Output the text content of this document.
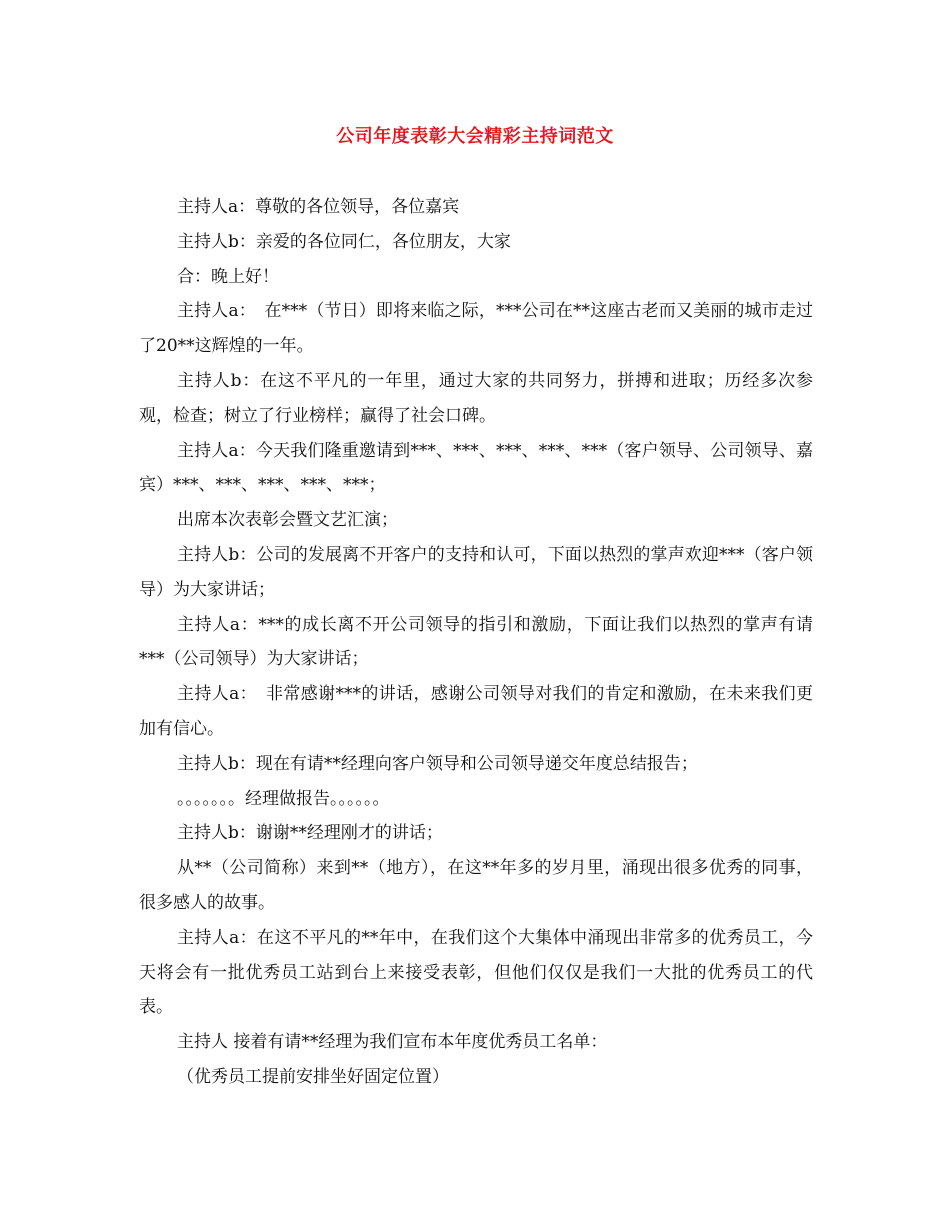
公司年度表彰大会精彩主持词范文

主持人a：尊敬的各位领导，各位嘉宾

主持人b：亲爱的各位同仁，各位朋友，大家

合：晚上好！

主持人a：　在***（节日）即将来临之际，***公司在**这座古老而又美丽的城市走过了20**这辉煌的一年。

主持人b：在这不平凡的一年里，通过大家的共同努力，拼搏和进取；历经多次参观，检查；树立了行业榜样；赢得了社会口碑。

主持人a：今天我们隆重邀请到***、***、***、***、***（客户领导、公司领导、嘉宾）***、***、***、***、***；

出席本次表彰会暨文艺汇演；

主持人b：公司的发展离不开客户的支持和认可，下面以热烈的掌声欢迎***（客户领导）为大家讲话；

主持人a：***的成长离不开公司领导的指引和激励，下面让我们以热烈的掌声有请***（公司领导）为大家讲话；

主持人a：　非常感谢***的讲话，感谢公司领导对我们的肯定和激励，在未来我们更加有信心。

主持人b：现在有请**经理向客户领导和公司领导递交年度总结报告；

。。。。。。。经理做报告。。。。。。

主持人b：谢谢**经理刚才的讲话；

从**（公司简称）来到**（地方），在这**年多的岁月里，涌现出很多优秀的同事，很多感人的故事。

主持人a：在这不平凡的**年中，在我们这个大集体中涌现出非常多的优秀员工，今天将会有一批优秀员工站到台上来接受表彰，但他们仅仅是我们一大批的优秀员工的代表。

主持人 接着有请**经理为我们宣布本年度优秀员工名单：

（优秀员工提前安排坐好固定位置）
